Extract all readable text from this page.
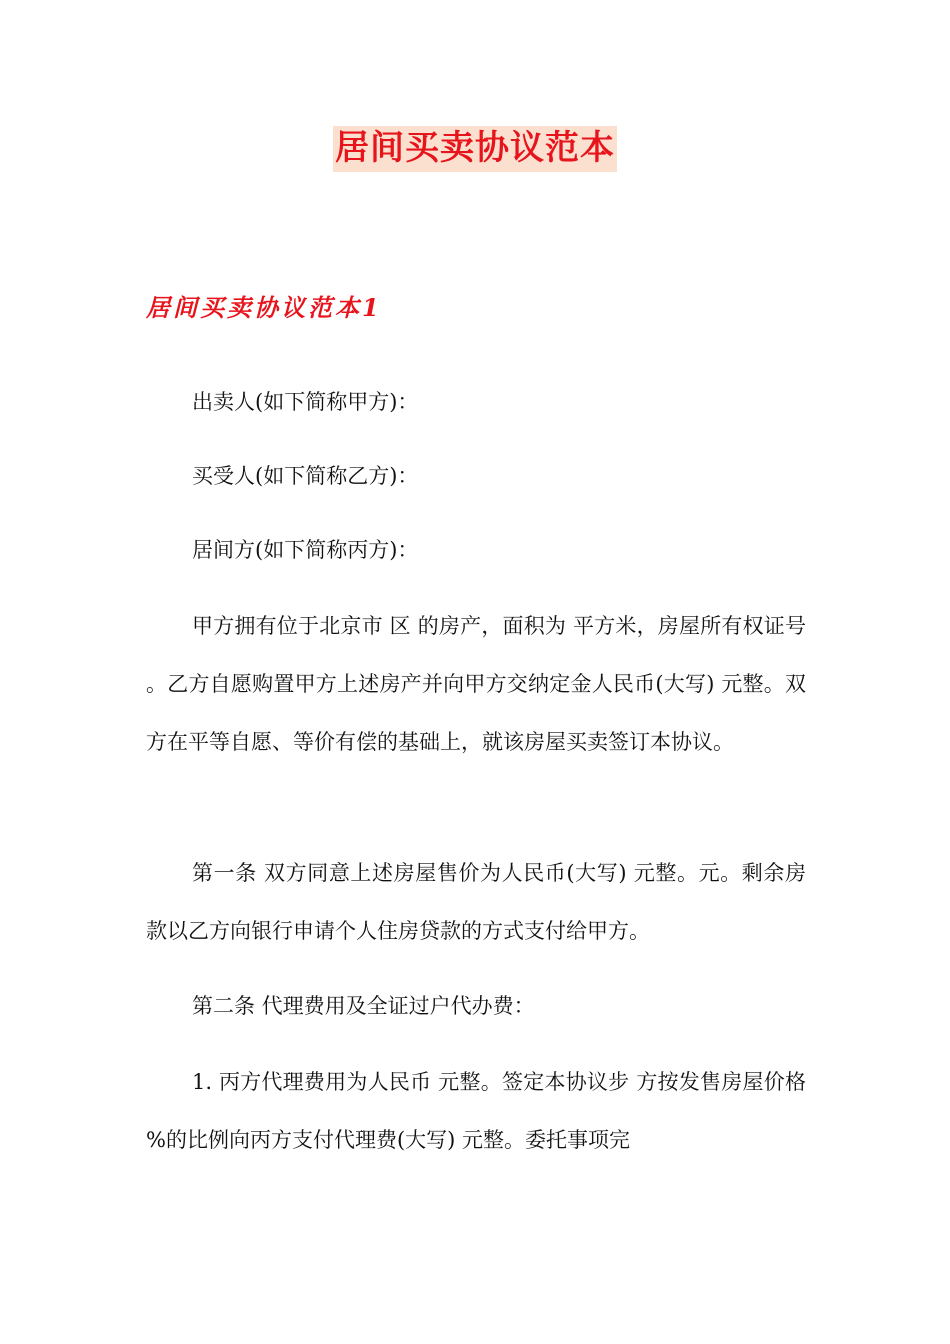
居间买卖协议范本
居间买卖协议范本1

出卖人(如下简称甲方)：

买受人(如下简称乙方)：

居间方(如下简称丙方)：

甲方拥有位于北京市 区 的房产，面积为 平方米，房屋所有权证号 。乙方自愿购置甲方上述房产并向甲方交纳定金人民币(大写) 元整。双方在平等自愿、等价有偿的基础上，就该房屋买卖签订本协议。

第一条 双方同意上述房屋售价为人民币(大写) 元整。元。剩余房款以乙方向银行申请个人住房贷款的方式支付给甲方。

第二条 代理费用及全证过户代办费：

1. 丙方代理费用为人民币 元整。签定本协议步 方按发售房屋价格 %的比例向丙方支付代理费(大写) 元整。委托事项完
